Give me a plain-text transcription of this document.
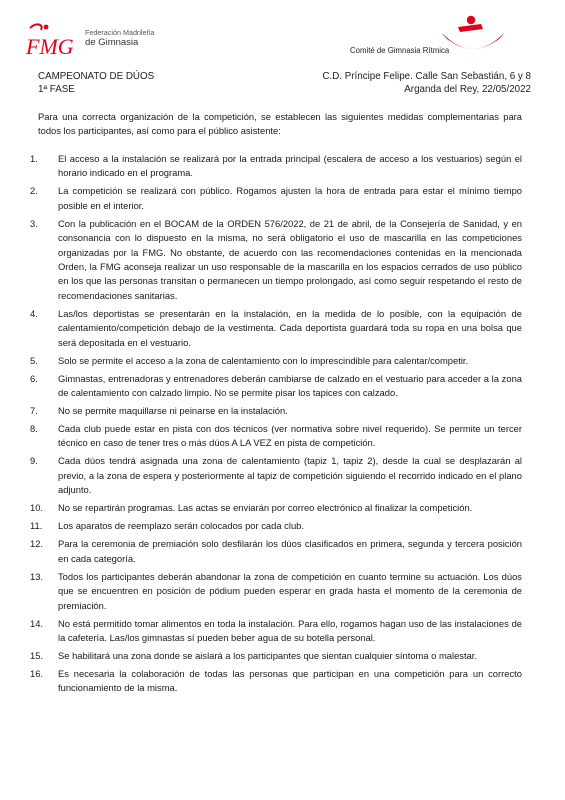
FMG
Federación Madrileña
de Gimnasia
Comité de Gimnasia Rítmica
CAMPEONATO DE DÚOS
1ª FASE
C.D. Príncipe Felipe. Calle San Sebastián, 6 y 8
Arganda del Rey, 22/05/2022

Para una correcta organización de la competición, se establecen las siguientes medidas complementarias para todos los participantes, así como para el público asistente:

1.	El acceso a la instalación se realizará por la entrada principal (escalera de acceso a los vestuarios) según el horario indicado en el programa.
2.	La competición se realizará con público. Rogamos ajusten la hora de entrada para estar el mínimo tiempo posible en el interior.
3.	Con la publicación en el BOCAM de la ORDEN 576/2022, de 21 de abril, de la Consejería de Sanidad, y en consonancia con lo dispuesto en la misma, no será obligatorio el uso de mascarilla en las competiciones organizadas por la FMG. No obstante, de acuerdo con las recomendaciones contenidas en la mencionada Orden, la FMG aconseja realizar un uso responsable de la mascarilla en los espacios cerrados de uso público en los que las personas transitan o permanecen un tiempo prolongado, así como seguir respetando el resto de recomendaciones sanitarias.
4.	Las/los deportistas se presentarán en la instalación, en la medida de lo posible, con la equipación de calentamiento/competición debajo de la vestimenta. Cada deportista guardará toda su ropa en una bolsa que será depositada en el vestuario.
5.	Solo se permite el acceso a la zona de calentamiento con lo imprescindible para calentar/competir.
6.	Gimnastas, entrenadoras y entrenadores deberán cambiarse de calzado en el vestuario para acceder a la zona de calentamiento con calzado limpio. No se permite pisar los tapices con calzado.
7.	No se permite maquillarse ni peinarse en la instalación.
8.	Cada club puede estar en pista con dos técnicos (ver normativa sobre nivel requerido). Se permite un tercer técnico en caso de tener tres o más dúos A LA VEZ en pista de competición.
9.	Cada dúos tendrá asignada una zona de calentamiento (tapiz 1, tapiz 2), desde la cual se desplazarán al previo, a la zona de espera y posteriormente al tapiz de competición siguiendo el recorrido indicado en el plano adjunto.
10.	No se repartirán programas. Las actas se enviarán por correo electrónico al finalizar la competición.
11.	Los aparatos de reemplazo serán colocados por cada club.
12.	Para la ceremonia de premiación solo desfilarán los dúos clasificados en primera, segunda y tercera posición en cada categoría.
13.	Todos los participantes deberán abandonar la zona de competición en cuanto termine su actuación. Los dúos que se encuentren en posición de pódium pueden esperar en grada hasta el momento de la ceremonia de premiación.
14.	No está permitido tomar alimentos en toda la instalación. Para ello, rogamos hagan uso de las instalaciones de la cafetería. Las/los gimnastas sí pueden beber agua de su botella personal.
15.	Se habilitará una zona donde se aislará a los participantes que sientan cualquier síntoma o malestar.
16.	Es necesaria la colaboración de todas las personas que participan en una competición para un correcto funcionamiento de la misma.
